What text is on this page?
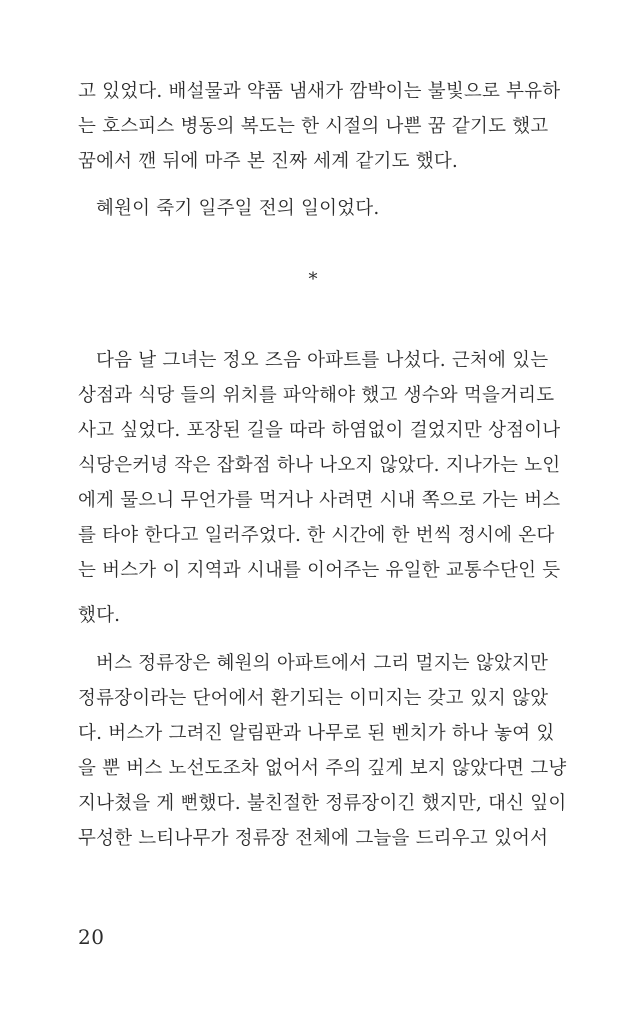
고 있었다. 배설물과 약품 냄새가 깜박이는 불빛으로 부유하
는 호스피스 병동의 복도는 한 시절의 나쁜 꿈 같기도 했고
꿈에서 깬 뒤에 마주 본 진짜 세계 같기도 했다.
혜원이 죽기 일주일 전의 일이었다.
*
다음 날 그녀는 정오 즈음 아파트를 나섰다. 근처에 있는
상점과 식당 들의 위치를 파악해야 했고 생수와 먹을거리도
사고 싶었다. 포장된 길을 따라 하염없이 걸었지만 상점이나
식당은커녕 작은 잡화점 하나 나오지 않았다. 지나가는 노인
에게 물으니 무언가를 먹거나 사려면 시내 쪽으로 가는 버스
를 타야 한다고 일러주었다. 한 시간에 한 번씩 정시에 온다
는 버스가 이 지역과 시내를 이어주는 유일한 교통수단인 듯
했다.
버스 정류장은 혜원의 아파트에서 그리 멀지는 않았지만
정류장이라는 단어에서 환기되는 이미지는 갖고 있지 않았
다. 버스가 그려진 알림판과 나무로 된 벤치가 하나 놓여 있
을 뿐 버스 노선도조차 없어서 주의 깊게 보지 않았다면 그냥
지나쳤을 게 뻔했다. 불친절한 정류장이긴 했지만, 대신 잎이
무성한 느티나무가 정류장 전체에 그늘을 드리우고 있어서
20
